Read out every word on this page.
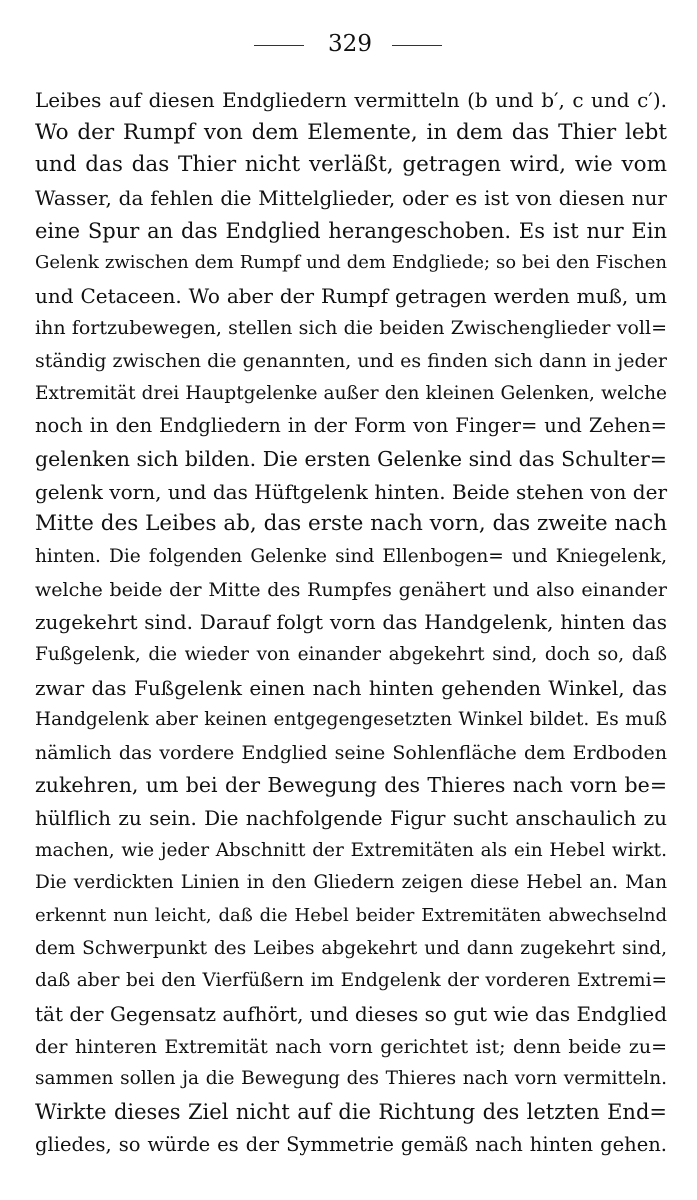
329
Leibes auf diesen Endgliedern vermitteln (b und b′, c und c′).
Wo der Rumpf von dem Elemente, in dem das Thier lebt
und das das Thier nicht verläßt, getragen wird, wie vom
Wasser, da fehlen die Mittelglieder, oder es ist von diesen nur
eine Spur an das Endglied herangeschoben. Es ist nur Ein
Gelenk zwischen dem Rumpf und dem Endgliede; so bei den Fischen
und Cetaceen. Wo aber der Rumpf getragen werden muß, um
ihn fortzubewegen, stellen sich die beiden Zwischenglieder voll=
ständig zwischen die genannten, und es finden sich dann in jeder
Extremität drei Hauptgelenke außer den kleinen Gelenken, welche
noch in den Endgliedern in der Form von Finger= und Zehen=
gelenken sich bilden. Die ersten Gelenke sind das Schulter=
gelenk vorn, und das Hüftgelenk hinten. Beide stehen von der
Mitte des Leibes ab, das erste nach vorn, das zweite nach
hinten. Die folgenden Gelenke sind Ellenbogen= und Kniegelenk,
welche beide der Mitte des Rumpfes genähert und also einander
zugekehrt sind. Darauf folgt vorn das Handgelenk, hinten das
Fußgelenk, die wieder von einander abgekehrt sind, doch so, daß
zwar das Fußgelenk einen nach hinten gehenden Winkel, das
Handgelenk aber keinen entgegengesetzten Winkel bildet. Es muß
nämlich das vordere Endglied seine Sohlenfläche dem Erdboden
zukehren, um bei der Bewegung des Thieres nach vorn be=
hülflich zu sein. Die nachfolgende Figur sucht anschaulich zu
machen, wie jeder Abschnitt der Extremitäten als ein Hebel wirkt.
Die verdickten Linien in den Gliedern zeigen diese Hebel an. Man
erkennt nun leicht, daß die Hebel beider Extremitäten abwechselnd
dem Schwerpunkt des Leibes abgekehrt und dann zugekehrt sind,
daß aber bei den Vierfüßern im Endgelenk der vorderen Extremi=
tät der Gegensatz aufhört, und dieses so gut wie das Endglied
der hinteren Extremität nach vorn gerichtet ist; denn beide zu=
sammen sollen ja die Bewegung des Thieres nach vorn vermitteln.
Wirkte dieses Ziel nicht auf die Richtung des letzten End=
gliedes, so würde es der Symmetrie gemäß nach hinten gehen.
